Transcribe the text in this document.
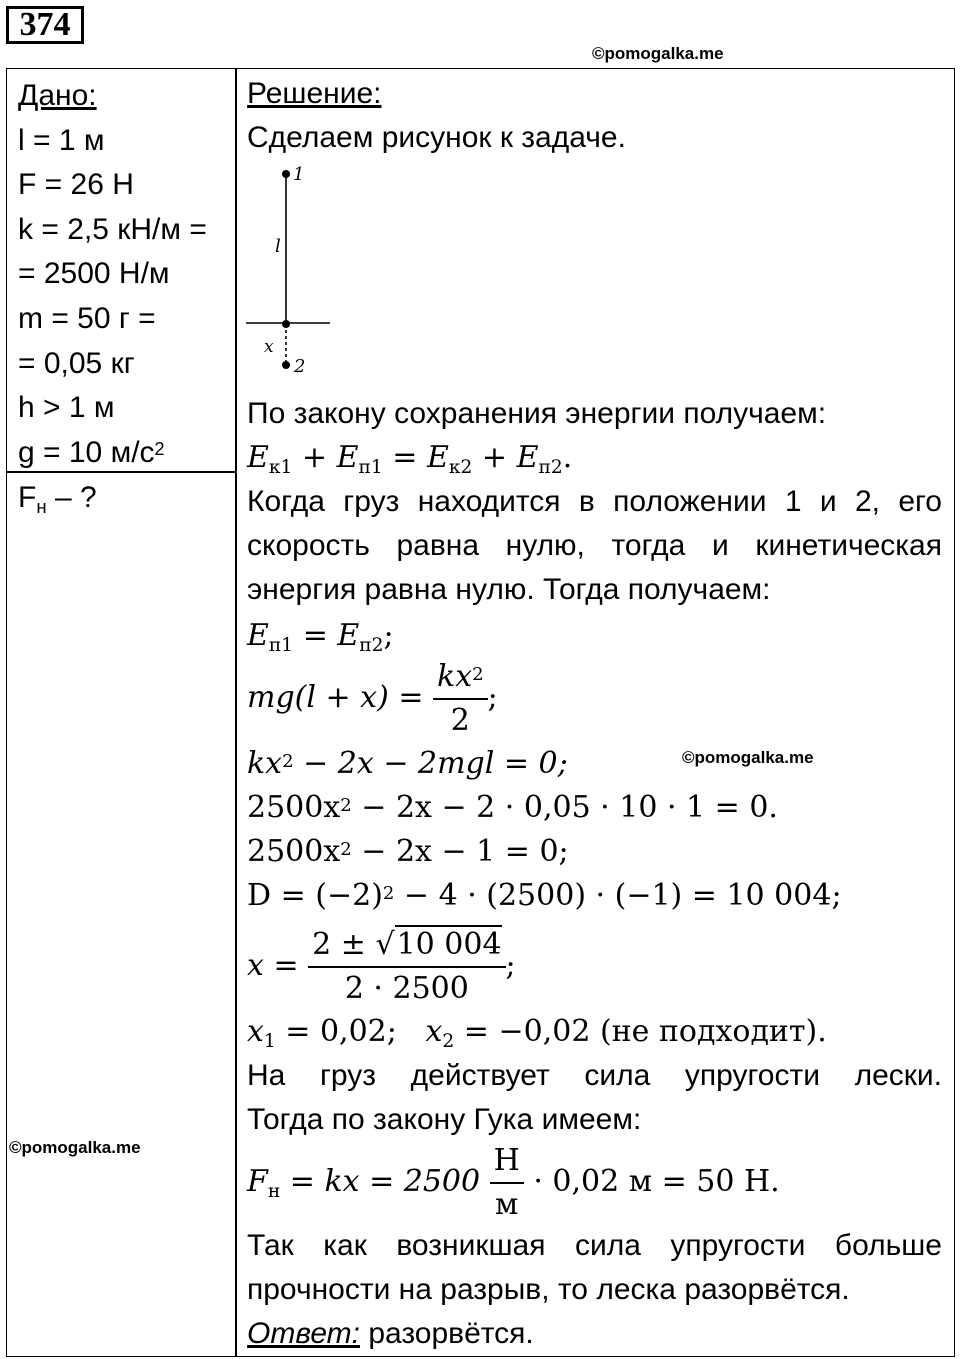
374
©pomogalka.me
©pomogalka.me
©pomogalka.me
Дано:
l = 1 м
F = 26 Н
k = 2,5 кН/м =
= 2500 Н/м
m = 50 г =
= 0,05 кг
h > 1 м
g = 10 $м/с^2$
$F_н$ – ?
Решение:
Сделаем рисунок к задаче.
1
l
x
2
По закону сохранения энергии получаем:
$E_{к1} + E_{п1} = E_{к2} + E_{п2}$.
Когда груз находится в положении 1 и 2, его
скорость равна нулю, тогда и кинетическая
энергия равна нулю. Тогда получаем:
$E_{п1} = E_{п2}$;
$mg(l + x) = \frac{kx^2}{2}$ ;
$kx^2 - 2x - 2mgl = 0$;
$2500x^2 - 2x - 2 \cdot 0,05 \cdot 10 \cdot 1 = 0$.
$2500x^2 - 2x - 1 = 0$;
$D = (-2)^2 - 4 \cdot (2500) \cdot (-1) = 10$ 004;
$x = \frac{2 \pm √10 004}{2 \cdot 2500}$ ;
$x_1 = 0,02$; $x_2 = -0,02$ (не подходит).
На груз действует сила упругости лески.
Тогда по закону Гука имеем:
$F_н$ = kx = $2500 \frac{Н}{м} \cdot 0,02$ м = 50 Н.
Так как возникшая сила упругости больше
прочности на разрыв, то леска разорвётся.
Ответ: разорвётся.
